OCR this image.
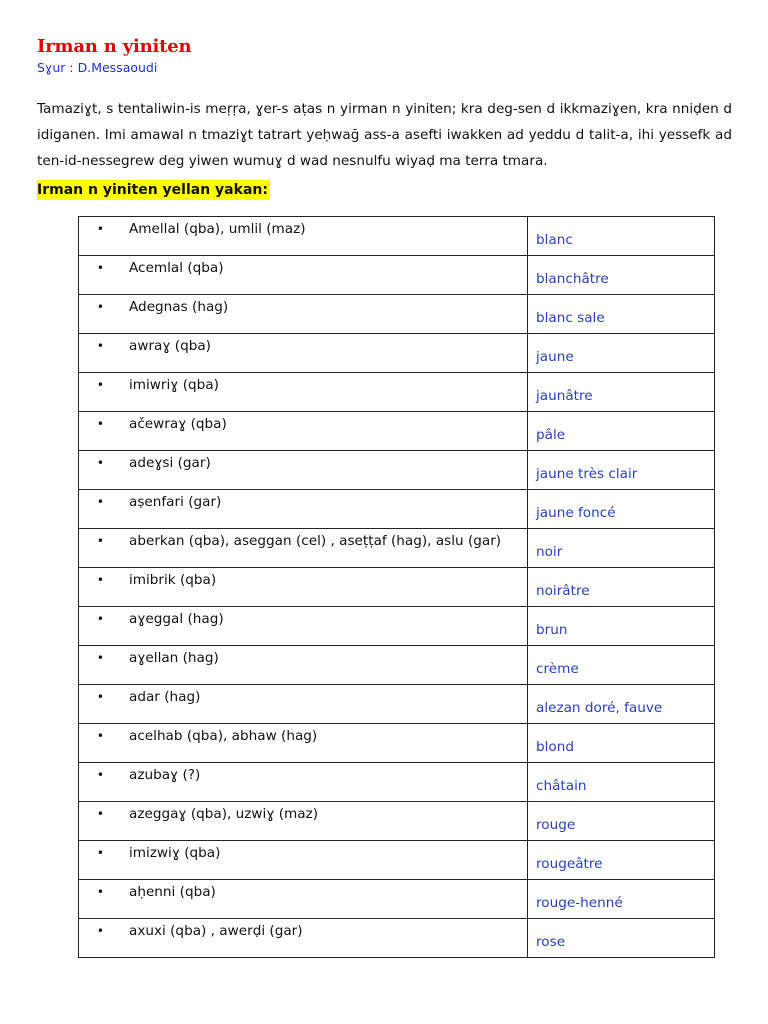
Irman n yiniten
Sɣur : D.Messaoudi

Tamaziɣt, s tentaliwin-is meṛṛa, ɣer-s aṭas n yirman n yiniten; kra deg-sen d ikkmaziɣen, kra nniḍen d idiganen. Imi amawal n tmaziɣt tatrart yeḥwağ ass-a asefti iwakken ad yeddu d talit-a, ihi yessefk ad ten-id-nessegrew deg yiwen wumuɣ d wad nesnulfu wiyaḍ ma terra tmara.

Irman n yiniten yellan yakan:
• Amellal (qba), umlil (maz)	blanc

• Acemlal (qba)	blanchâtre

• Adegnas (hag)	blanc sale

• awraɣ (qba)	jaune

• imiwriɣ (qba)	jaunâtre

• ačewraɣ (qba)	pâle

• adeɣsi (gar)	jaune très clair

• aṣenfari (gar)	jaune foncé

• aberkan (qba), aseggan (cel) , aseṭṭaf (hag), aslu (gar)	noir

• imibrik (qba)	noirâtre

• aɣeggal (hag)	brun

• aɣellan (hag)	crème

• adar (hag)	alezan doré, fauve

• acelhab (qba), abhaw (hag)	blond

• azubaɣ (?)	châtain

• azeggaɣ (qba), uzwiɣ (maz)	rouge

• imizwiɣ (qba)	rougeâtre

• aḥenni (qba)	rouge-henné

• axuxi (qba) , awerḍi (gar)	rose
